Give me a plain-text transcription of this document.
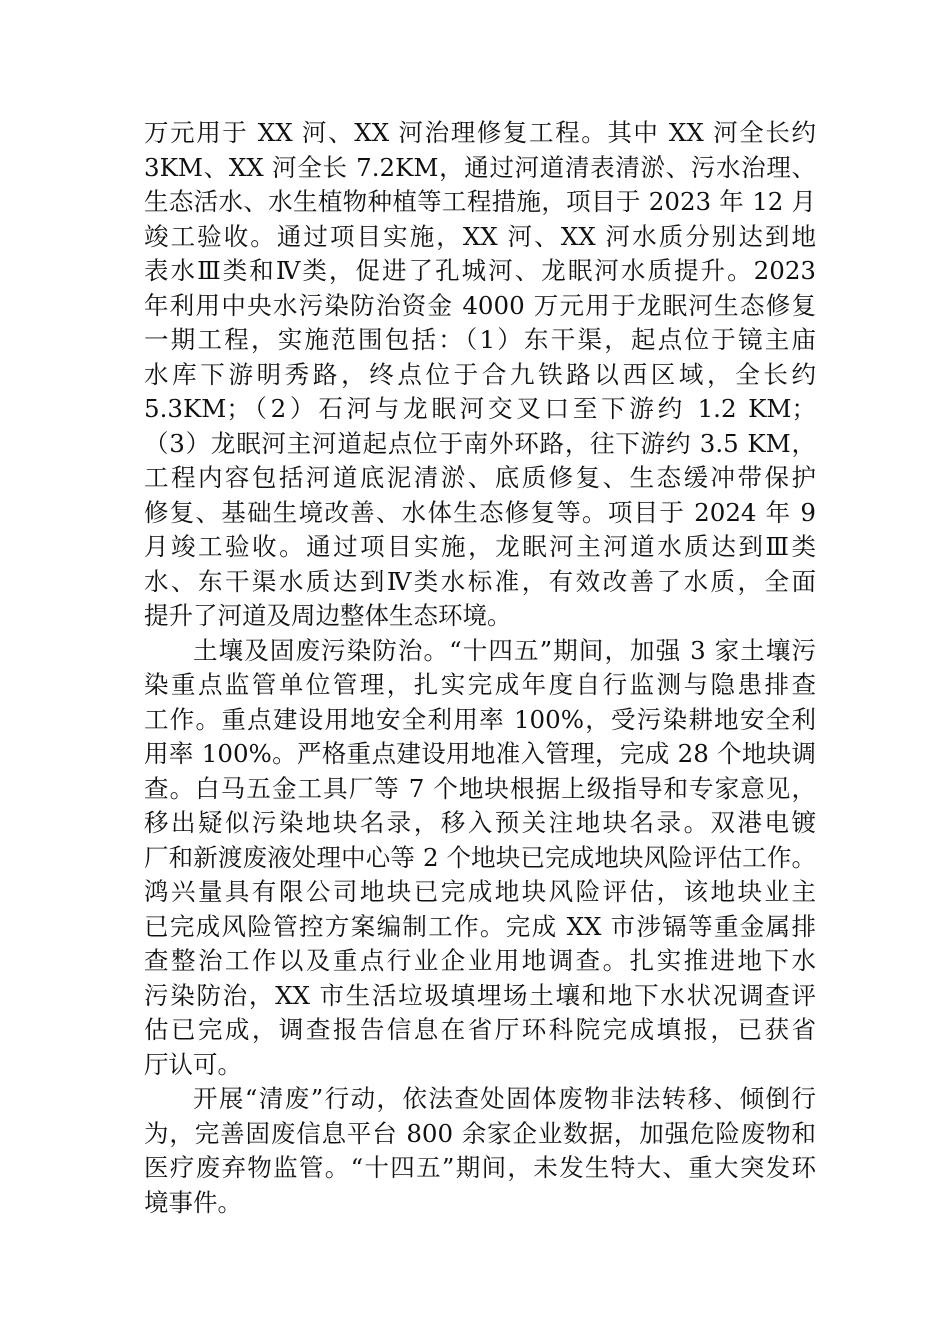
万元用于 XX 河、XX 河治理修复工程。其中 XX 河全长约
3KM、XX 河全长 7.2KM，通过河道清表清淤、污水治理、
生态活水、水生植物种植等工程措施，项目于 2023 年 12 月
竣工验收。通过项目实施，XX 河、XX 河水质分别达到地
表水Ⅲ类和Ⅳ类，促进了孔城河、龙眠河水质提升。2023
年利用中央水污染防治资金 4000 万元用于龙眠河生态修复
一期工程，实施范围包括：（1）东干渠，起点位于镜主庙
水库下游明秀路，终点位于合九铁路以西区域，全长约
5.3KM；（2）石河与龙眠河交叉口至下游约 1.2 KM；
（3）龙眠河主河道起点位于南外环路，往下游约 3.5 KM，
工程内容包括河道底泥清淤、底质修复、生态缓冲带保护
修复、基础生境改善、水体生态修复等。项目于 2024 年 9
月竣工验收。通过项目实施，龙眠河主河道水质达到Ⅲ类
水、东干渠水质达到Ⅳ类水标准，有效改善了水质，全面
提升了河道及周边整体生态环境。
土壤及固废污染防治。“十四五”期间，加强 3 家土壤污
染重点监管单位管理，扎实完成年度自行监测与隐患排查
工作。重点建设用地安全利用率 100%，受污染耕地安全利
用率 100%。严格重点建设用地准入管理，完成 28 个地块调
查。白马五金工具厂等 7 个地块根据上级指导和专家意见，
移出疑似污染地块名录，移入预关注地块名录。双港电镀
厂和新渡废液处理中心等 2 个地块已完成地块风险评估工作。
鸿兴量具有限公司地块已完成地块风险评估，该地块业主
已完成风险管控方案编制工作。完成 XX 市涉镉等重金属排
查整治工作以及重点行业企业用地调查。扎实推进地下水
污染防治，XX 市生活垃圾填埋场土壤和地下水状况调查评
估已完成，调查报告信息在省厅环科院完成填报，已获省
厅认可。
开展“清废”行动，依法查处固体废物非法转移、倾倒行
为，完善固废信息平台 800 余家企业数据，加强危险废物和
医疗废弃物监管。“十四五”期间，未发生特大、重大突发环
境事件。
